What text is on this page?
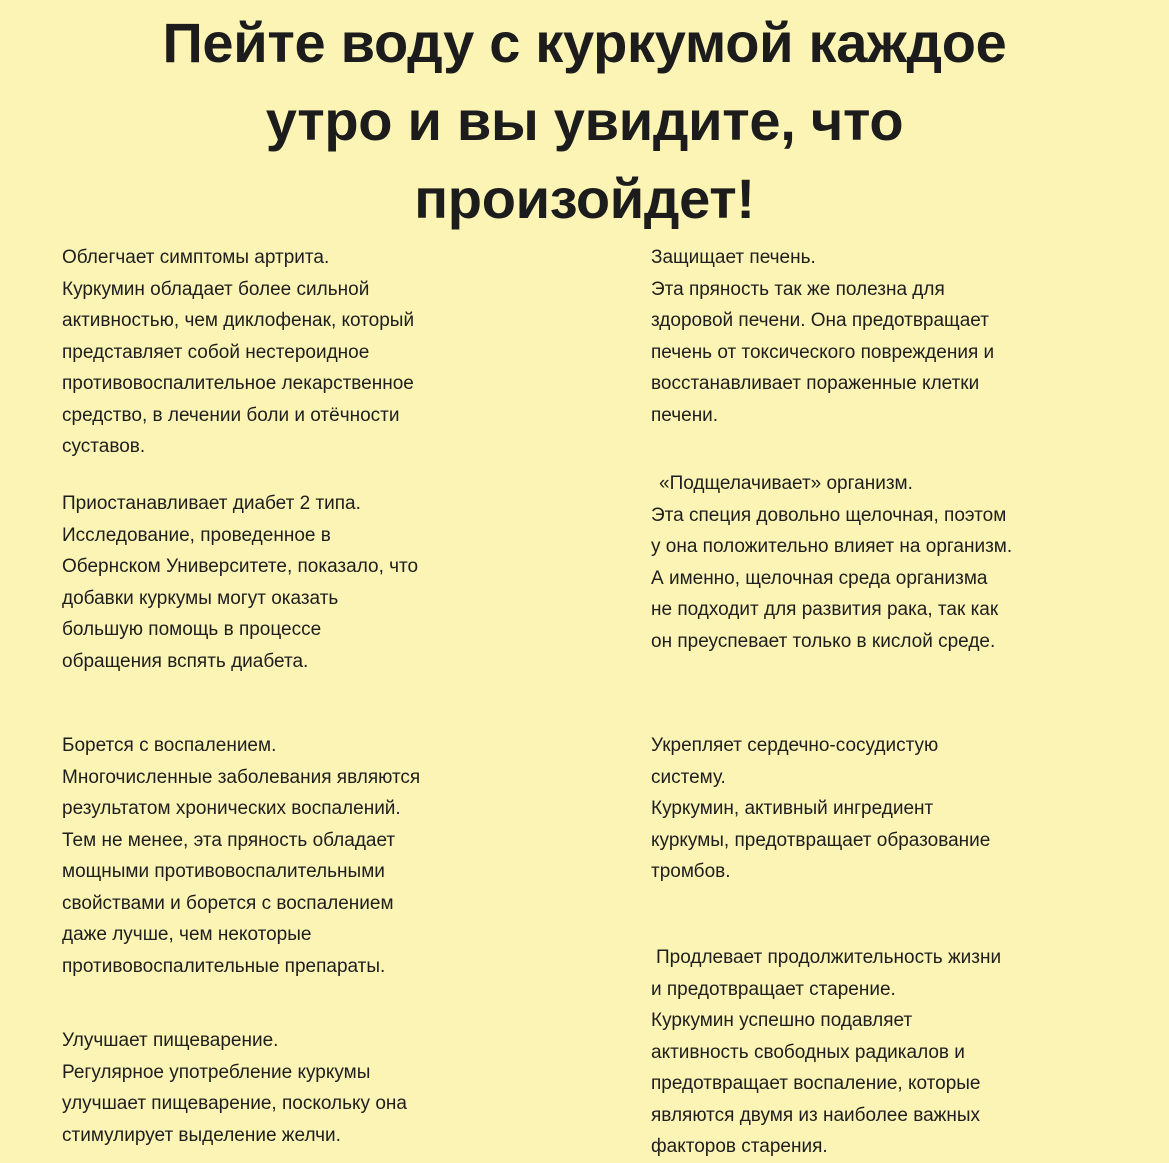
Пейте воду с куркумой каждое
утро и вы увидите, что
произойдет!
Облегчает симптомы артрита.
Куркумин обладает более сильной
активностью, чем диклофенак, который
представляет собой нестероидное
противовоспалительное лекарственное
средство, в лечении боли и отёчности
суставов.
Приостанавливает диабет 2 типа.
Исследование, проведенное в
Обернском Университете, показало, что
добавки куркумы могут оказать
большую помощь в процессе
обращения вспять диабета.
Борется с воспалением.
Многочисленные заболевания являются
результатом хронических воспалений.
Тем не менее, эта пряность обладает
мощными противовоспалительными
свойствами и борется с воспалением
даже лучше, чем некоторые
противовоспалительные препараты.
Улучшает пищеварение.
Регулярное употребление куркумы
улучшает пищеварение, поскольку она
стимулирует выделение желчи.
Защищает печень.
Эта пряность так же полезна для
здоровой печени. Она предотвращает
печень от токсического повреждения и
восстанавливает пораженные клетки
печени.
«Подщелачивает» организм.
Эта специя довольно щелочная, поэтом
у она положительно влияет на организм.
А именно, щелочная среда организма
не подходит для развития рака, так как
он преуспевает только в кислой среде.
Укрепляет сердечно-сосудистую
систему.
Куркумин, активный ингредиент
куркумы, предотвращает образование
тромбов.
Продлевает продолжительность жизни
и предотвращает старение.
Куркумин успешно подавляет
активность свободных радикалов и
предотвращает воспаление, которые
являются двумя из наиболее важных
факторов старения.
